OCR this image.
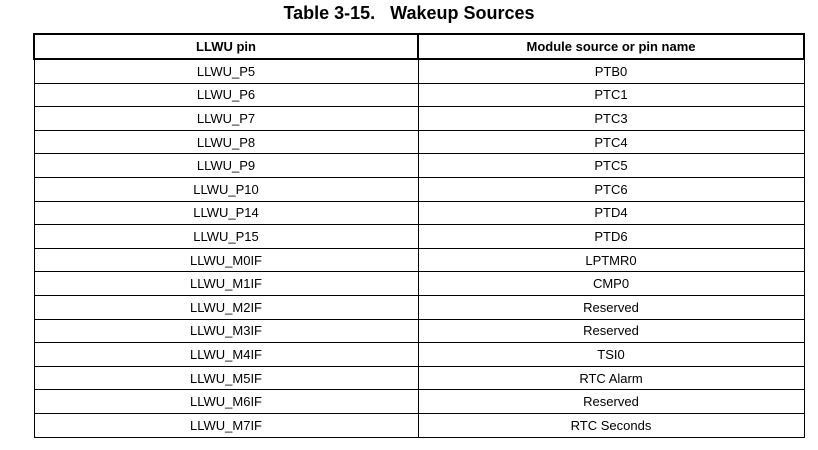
Table 3-15.   Wakeup Sources
LLWU pin	Module source or pin name
LLWU_P5	PTB0
LLWU_P6	PTC1
LLWU_P7	PTC3
LLWU_P8	PTC4
LLWU_P9	PTC5
LLWU_P10	PTC6
LLWU_P14	PTD4
LLWU_P15	PTD6
LLWU_M0IF	LPTMR0
LLWU_M1IF	CMP0
LLWU_M2IF	Reserved
LLWU_M3IF	Reserved
LLWU_M4IF	TSI0
LLWU_M5IF	RTC Alarm
LLWU_M6IF	Reserved
LLWU_M7IF	RTC Seconds
